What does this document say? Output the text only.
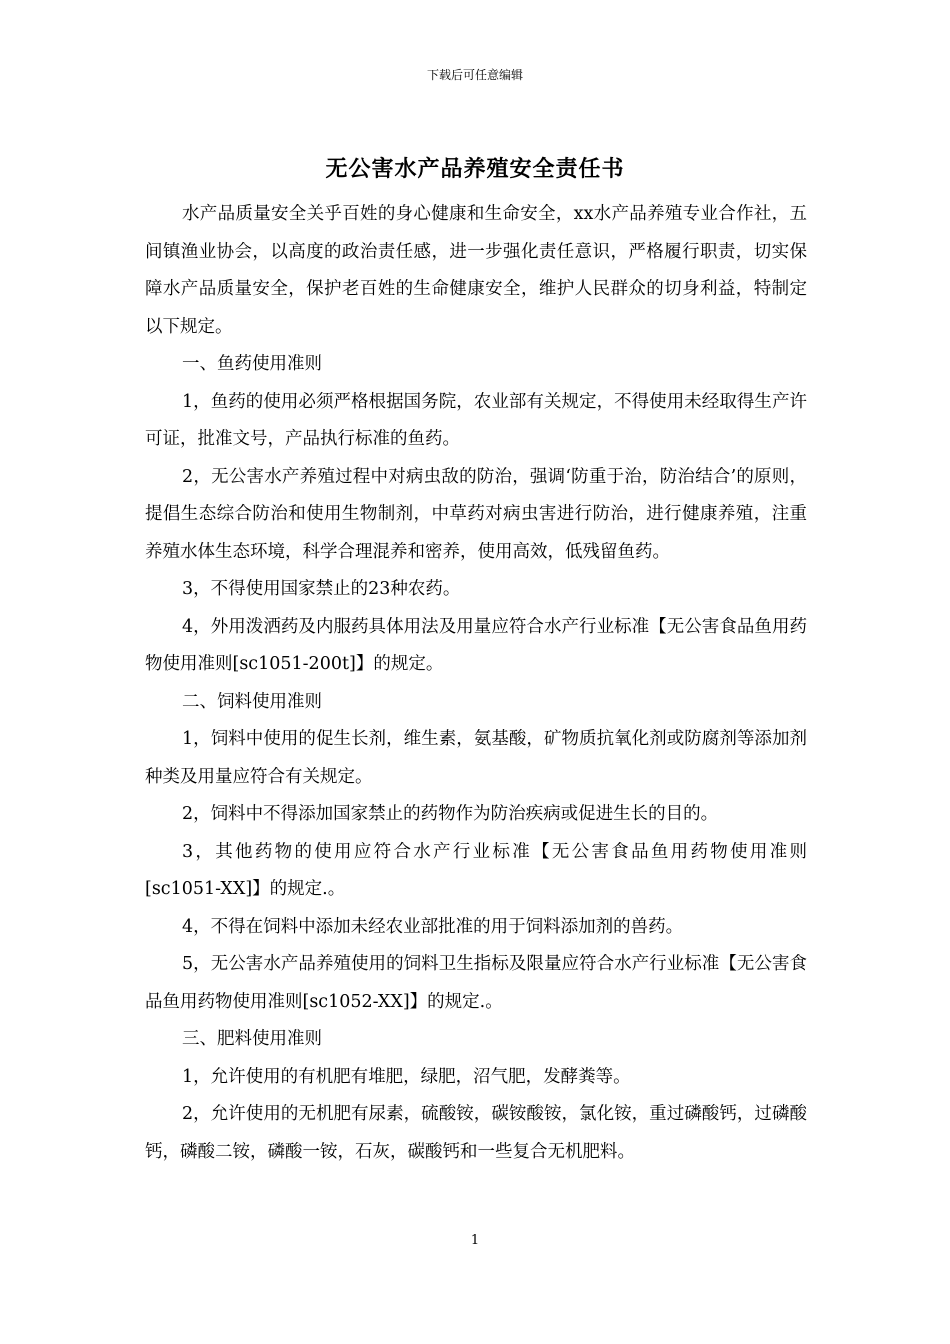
下载后可任意编辑
无公害水产品养殖安全责任书

水产品质量安全关乎百姓的身心健康和生命安全，xx水产品养殖专业合作社，五间镇渔业协会，以高度的政治责任感，进一步强化责任意识，严格履行职责，切实保障水产品质量安全，保护老百姓的生命健康安全，维护人民群众的切身利益，特制定以下规定。

一、鱼药使用准则

1，鱼药的使用必须严格根据国务院，农业部有关规定，不得使用未经取得生产许可证，批准文号，产品执行标准的鱼药。

2，无公害水产养殖过程中对病虫敌的防治，强调‘防重于治，防治结合’的原则，提倡生态综合防治和使用生物制剂，中草药对病虫害进行防治，进行健康养殖，注重养殖水体生态环境，科学合理混养和密养，使用高效，低残留鱼药。

3，不得使用国家禁止的23种农药。

4，外用泼洒药及内服药具体用法及用量应符合水产行业标准【无公害食品鱼用药物使用准则[sc1051-200t]】的规定。

二、饲料使用准则

1，饲料中使用的促生长剂，维生素，氨基酸，矿物质抗氧化剂或防腐剂等添加剂种类及用量应符合有关规定。

2，饲料中不得添加国家禁止的药物作为防治疾病或促进生长的目的。

3，其他药物的使用应符合水产行业标准【无公害食品鱼用药物使用准则[sc1051-XX]】的规定.。

4，不得在饲料中添加未经农业部批准的用于饲料添加剂的兽药。

5，无公害水产品养殖使用的饲料卫生指标及限量应符合水产行业标准【无公害食品鱼用药物使用准则[sc1052-XX]】的规定.。

三、肥料使用准则

1，允许使用的有机肥有堆肥，绿肥，沼气肥，发酵粪等。

2，允许使用的无机肥有尿素，硫酸铵，碳铵酸铵，氯化铵，重过磷酸钙，过磷酸钙，磷酸二铵，磷酸一铵，石灰，碳酸钙和一些复合无机肥料。

1
